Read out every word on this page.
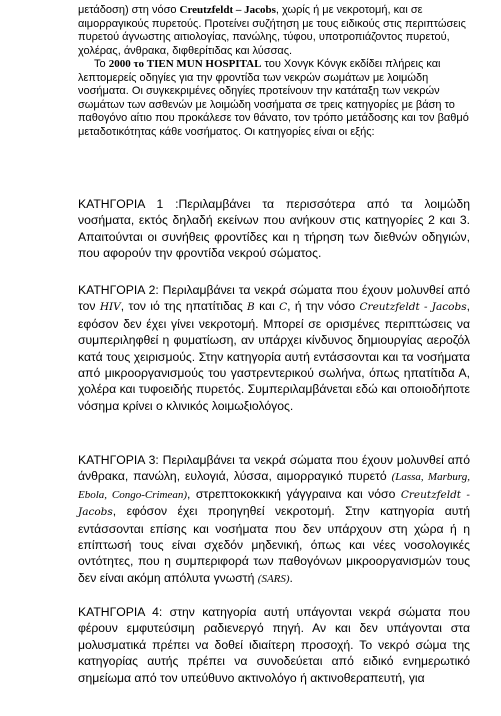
μετάδοση) στη νόσο Creutzfeldt – Jacobs, χωρίς ή με νεκροτομή, και σε αιμορραγικούς πυρετούς. Προτείνει συζήτηση με τους ειδικούς στις περιπτώσεις πυρετού άγνωστης αιτιολογίας, πανώλης, τύφου, υποτροπιάζοντος πυρετού, χολέρας, άνθρακα, διφθερίτιδας και λύσσας.

Το 2000 το TIEN MUN HOSPITAL του Χονγκ Κόνγκ εκδίδει πλήρεις και λεπτομερείς οδηγίες για την φροντίδα των νεκρών σωμάτων με λοιμώδη νοσήματα. Οι συγκεκριμένες οδηγίες προτείνουν την κατάταξη των νεκρών σωμάτων των ασθενών με λοιμώδη νοσήματα σε τρεις κατηγορίες με βάση το παθογόνο αίτιο που προκάλεσε τον θάνατο, τον τρόπο μετάδοσης και τον βαθμό μεταδοτικότητας κάθε νοσήματος. Οι κατηγορίες είναι οι εξής:

ΚΑΤΗΓΟΡΙΑ 1 :Περιλαμβάνει τα περισσότερα από τα λοιμώδη νοσήματα, εκτός δηλαδή εκείνων που ανήκουν στις κατηγορίες 2 και 3. Απαιτούνται οι συνήθεις φροντίδες και η τήρηση των διεθνών οδηγιών, που αφορούν την φροντίδα νεκρού σώματος.

ΚΑΤΗΓΟΡΙΑ 2: Περιλαμβάνει τα νεκρά σώματα που έχουν μολυνθεί από τον HIV, τον ιό της ηπατίτιδας B και C, ή την νόσο Creutzfeldt - Jacobs, εφόσον δεν έχει γίνει νεκροτομή. Μπορεί σε ορισμένες περιπτώσεις να συμπεριληφθεί η φυματίωση, αν υπάρχει κίνδυνος δημιουργίας αεροζόλ κατά τους χειρισμούς. Στην κατηγορία αυτή εντάσσονται και τα νοσήματα από μικροοργανισμούς του γαστρεντερικού σωλήνα, όπως ηπατίτιδα Α, χολέρα και τυφοειδής πυρετός. Συμπεριλαμβάνεται εδώ και οποιοδήποτε νόσημα κρίνει ο κλινικός λοιμωξιολόγος.

ΚΑΤΗΓΟΡΙΑ 3: Περιλαμβάνει τα νεκρά σώματα που έχουν μολυνθεί από άνθρακα, πανώλη, ευλογιά, λύσσα, αιμορραγικό πυρετό (Lassa, Marburg, Ebola, Congo-Crimean), στρεπτοκοκκική γάγγραινα και νόσο Creutzfeldt - Jacobs, εφόσον έχει προηγηθεί νεκροτομή. Στην κατηγορία αυτή εντάσσονται επίσης και νοσήματα που δεν υπάρχουν στη χώρα ή η επίπτωσή τους είναι σχεδόν μηδενική, όπως και νέες νοσολογικές οντότητες, που η συμπεριφορά των παθογόνων μικροοργανισμών τους δεν είναι ακόμη απόλυτα γνωστή (SARS).

ΚΑΤΗΓΟΡΙΑ 4: στην κατηγορία αυτή υπάγονται νεκρά σώματα που φέρουν εμφυτεύσιμη ραδιενεργό πηγή. Αν και δεν υπάγονται στα μολυσματικά πρέπει να δοθεί ιδιαίτερη προσοχή. Το νεκρό σώμα της κατηγορίας αυτής πρέπει να συνοδεύεται από ειδικό ενημερωτικό σημείωμα από τον υπεύθυνο ακτινολόγο ή ακτινοθεραπευτή, για
